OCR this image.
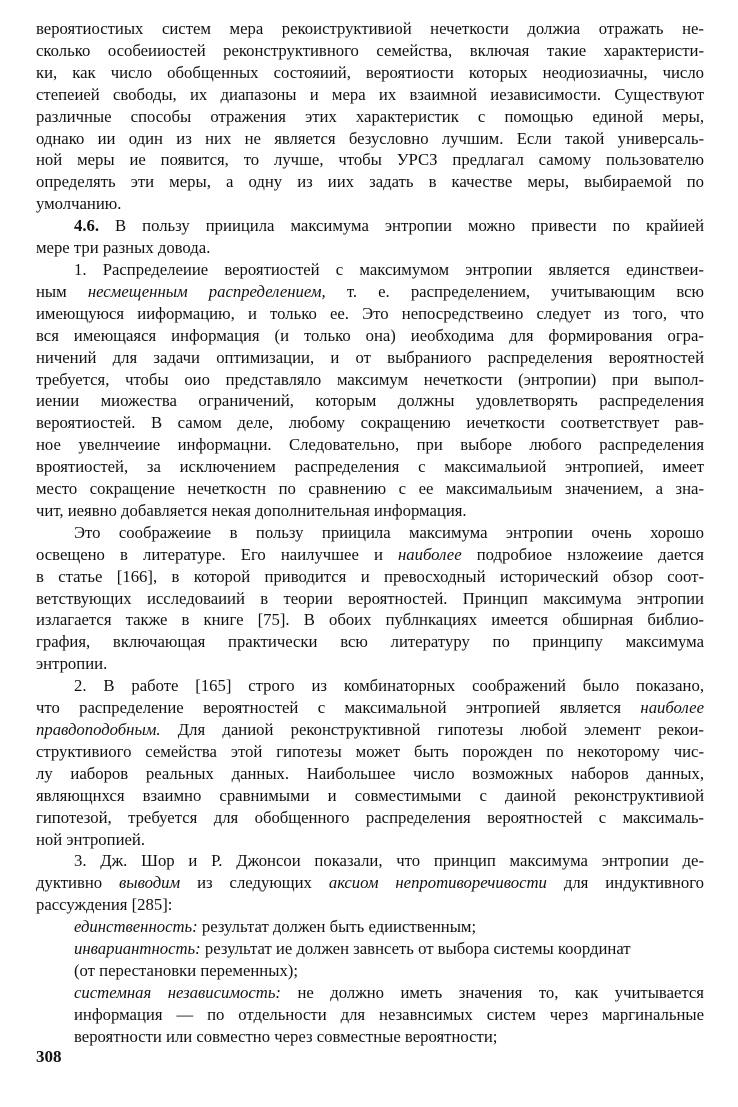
вероятиостиых систем мера рекоиструктивиой нечеткости должиа отражать не-
сколько особеииостей реконструктивного семейства, включая такие характеристи-
ки, как число обобщенных состояиий, вероятиости которых неодиозиачны, число
степеией свободы, их диапазоны и мера их взаимной иезависимости. Существуют
различные способы отражения этих характеристик с помощью единой меры,
однако ии один из них не является безусловно лучшим. Если такой универсаль-
ной меры ие появится, то лучше, чтобы УРСЗ предлагал самому пользователю
определять эти меры, а одну из иих задать в качестве меры, выбираемой по
умолчанию.
4.6. В пользу приицила максимума энтропии можно привести по крайией
мере три разных довода.
1. Распределеиие вероятиостей с максимумом энтропии является единствеи-
ным несмещенным распределением, т. е. распределением, учитывающим всю
имеющуюся ииформацию, и только ее. Это непосредствеино следует из того, что
вся имеющаяся информация (и только она) иеобходима для формирования огра-
ничений для задачи оптимизации, и от выбраниого распределения вероятностей
требуется, чтобы оио представляло максимум нечеткости (энтропии) при выпол-
иении миожества ограничений, которым должны удовлетворять распределения
вероятиостей. В самом деле, любому сокращению иечеткости соответствует рав-
ное увелнчеиие информацни. Следовательно, при выборе любого распределения
вроятиостей, за исключением распределения с максимальиой энтропией, имеет
место сокращение нечеткостн по сравнению с ее максимальиым значением, а зна-
чит, иеявно добавляется некая дополнительная информация.
Это соображеиие в пользу приицила максимума энтропии очень хорошо
освещено в литературе. Его наилучшее и наиболее подробиое нзложеиие дается
в статье [166], в которой приводится и превосходный исторический обзор соот-
ветствующих исследоваиий в теории вероятностей. Принцип максимума энтропии
излагается также в книге [75]. В обоих публнкациях имеется обширная библио-
графия, включающая практически всю литературу по принципу максимума
энтропии.
2. В работе [165] строго из комбинаторных соображений было показано,
что распределение вероятностей с максимальной энтропией является наиболее
правдоподобным. Для даниой реконструктивной гипотезы любой элемент рекои-
структивиого семейства этой гипотезы может быть порожден по некоторому чис-
лу иаборов реальных данных. Наибольшее число возможных наборов данных,
являющнхся взаимно сравнимыми и совместимыми с даиной реконструктивиой
гипотезой, требуется для обобщенного распределения вероятностей с максималь-
ной энтропией.
3. Дж. Шор и Р. Джонсои показали, что принцип максимума энтропии де-
дуктивно выводим из следующих аксиом непротиворечивости для индуктивного
рассуждения [285]:
единственность: результат должен быть едииственным;
инвариантность: результат ие должен завнсеть от выбора системы координат
(от перестановки переменных);
системная независимость: не должно иметь значения то, как учитывается
информация — по отдельности для незавнсимых систем через маргинальные
вероятности или совместно через совместные вероятности;
308
